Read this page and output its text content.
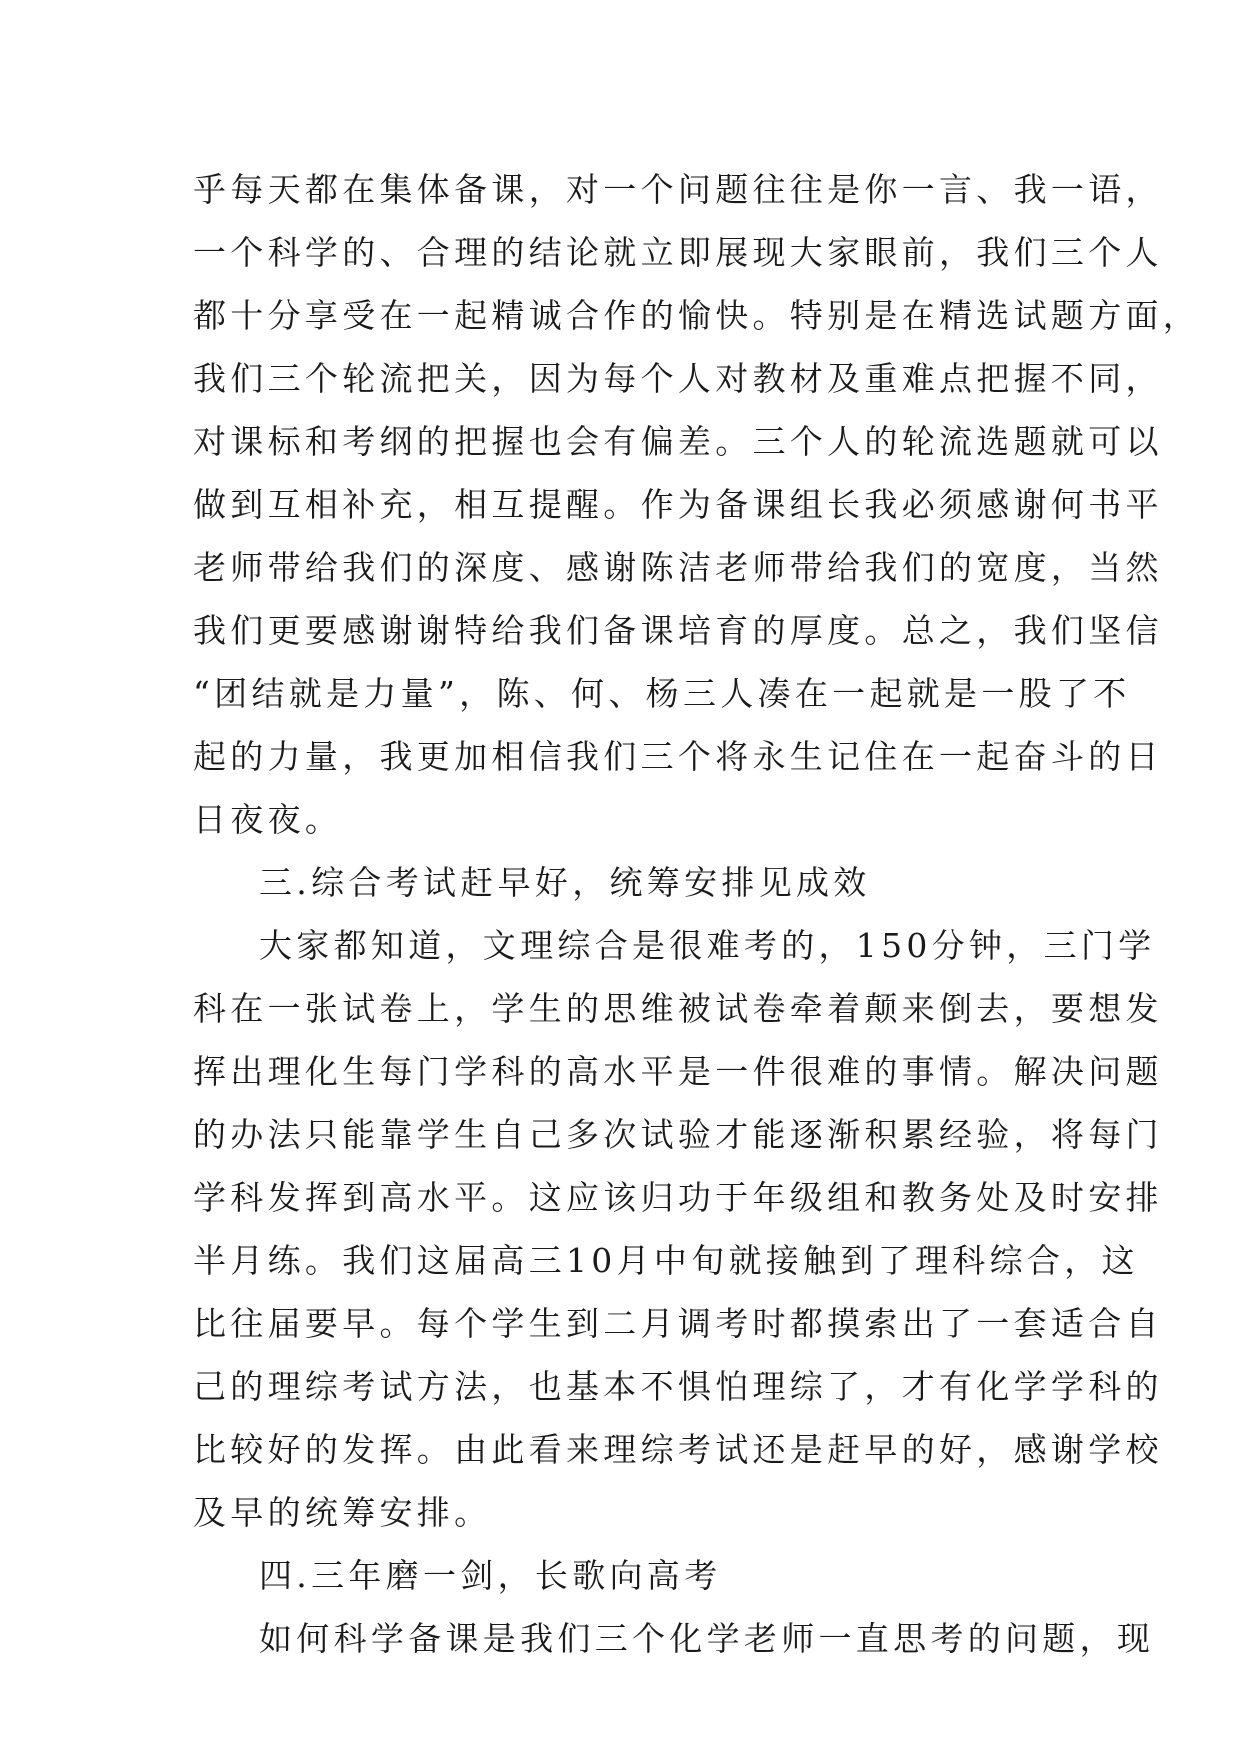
乎每天都在集体备课，对一个问题往往是你一言、我一语，
一个科学的、合理的结论就立即展现大家眼前，我们三个人
都十分享受在一起精诚合作的愉快。特别是在精选试题方面，
我们三个轮流把关，因为每个人对教材及重难点把握不同，
对课标和考纲的把握也会有偏差。三个人的轮流选题就可以
做到互相补充，相互提醒。作为备课组长我必须感谢何书平
老师带给我们的深度、感谢陈洁老师带给我们的宽度，当然
我们更要感谢谢特给我们备课培育的厚度。总之，我们坚信
“团结就是力量”，陈、何、杨三人凑在一起就是一股了不
起的力量，我更加相信我们三个将永生记住在一起奋斗的日
日夜夜。
三.综合考试赶早好，统筹安排见成效
大家都知道，文理综合是很难考的，150分钟，三门学
科在一张试卷上，学生的思维被试卷牵着颠来倒去，要想发
挥出理化生每门学科的高水平是一件很难的事情。解决问题
的办法只能靠学生自己多次试验才能逐渐积累经验，将每门
学科发挥到高水平。这应该归功于年级组和教务处及时安排
半月练。我们这届高三10月中旬就接触到了理科综合，这
比往届要早。每个学生到二月调考时都摸索出了一套适合自
己的理综考试方法，也基本不惧怕理综了，才有化学学科的
比较好的发挥。由此看来理综考试还是赶早的好，感谢学校
及早的统筹安排。
四.三年磨一剑，长歌向高考
如何科学备课是我们三个化学老师一直思考的问题，现
